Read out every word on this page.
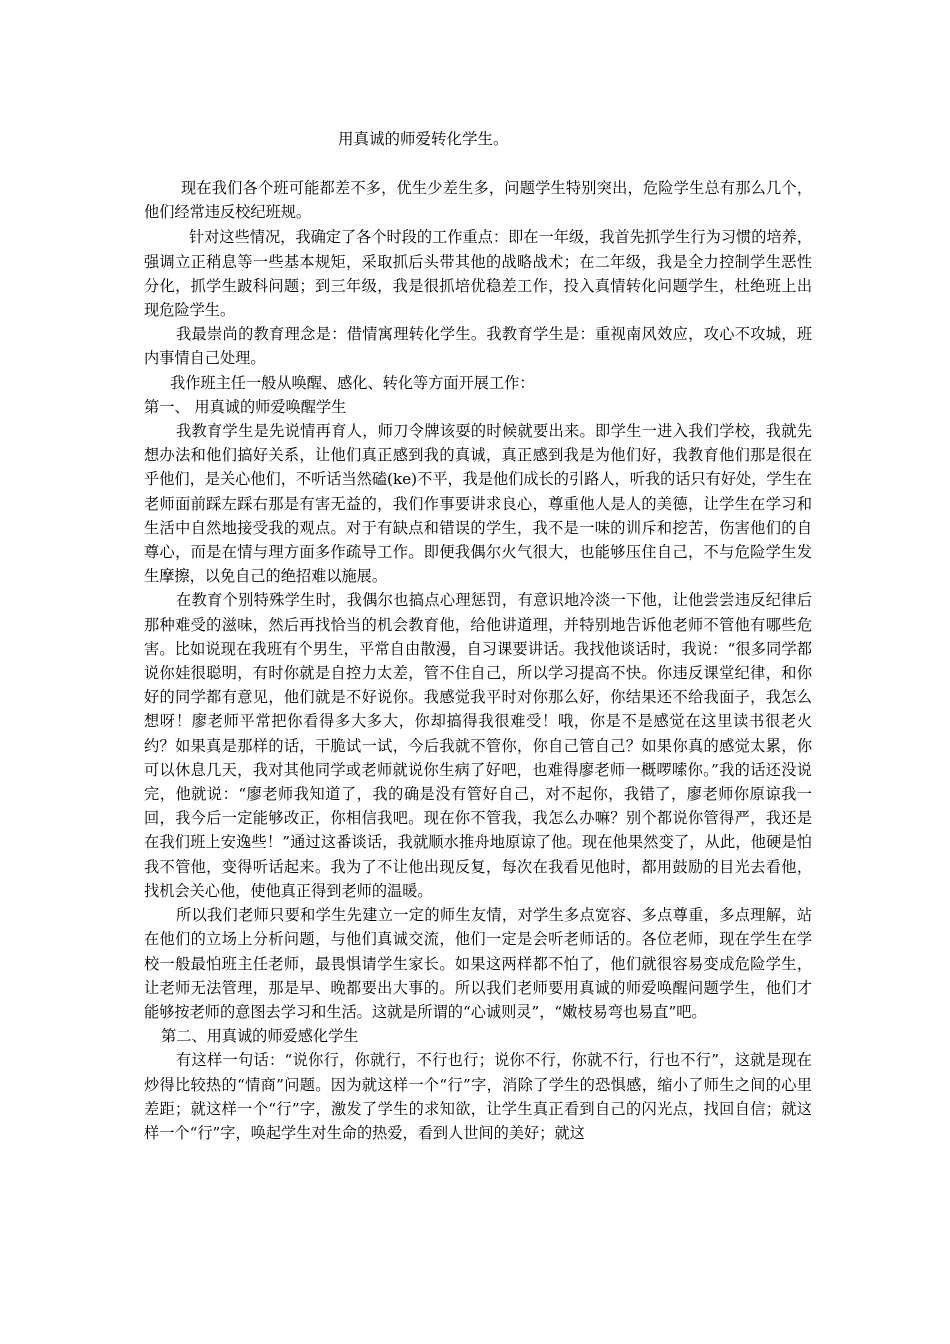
用真诚的师爱转化学生。

现在我们各个班可能都差不多，优生少差生多，问题学生特别突出，危险学生总有那么几个，他们经常违反校纪班规。

针对这些情况，我确定了各个时段的工作重点：即在一年级，我首先抓学生行为习惯的培养，强调立正稍息等一些基本规矩，采取抓后头带其他的战略战术；在二年级，我是全力控制学生恶性分化，抓学生跛科问题；到三年级，我是很抓培优稳差工作，投入真情转化问题学生，杜绝班上出现危险学生。

我最崇尚的教育理念是：借情寓理转化学生。我教育学生是：重视南风效应，攻心不攻城，班内事情自己处理。

我作班主任一般从唤醒、感化、转化等方面开展工作：

第一、 用真诚的师爱唤醒学生

我教育学生是先说情再育人，师刀令牌该耍的时候就要出来。即学生一进入我们学校，我就先想办法和他们搞好关系，让他们真正感到我的真诚，真正感到我是为他们好，我教育他们那是很在乎他们，是关心他们，不听话当然磕(ke)不平，我是他们成长的引路人，听我的话只有好处，学生在老师面前踩左踩右那是有害无益的，我们作事要讲求良心，尊重他人是人的美德，让学生在学习和生活中自然地接受我的观点。对于有缺点和错误的学生，我不是一味的训斥和挖苦，伤害他们的自尊心，而是在情与理方面多作疏导工作。即便我偶尔火气很大，也能够压住自己，不与危险学生发生摩擦，以免自己的绝招难以施展。

在教育个别特殊学生时，我偶尔也搞点心理惩罚，有意识地冷淡一下他，让他尝尝违反纪律后那种难受的滋味，然后再找恰当的机会教育他，给他讲道理，并特别地告诉他老师不管他有哪些危害。比如说现在我班有个男生，平常自由散漫，自习课要讲话。我找他谈话时，我说：“很多同学都说你娃很聪明，有时你就是自控力太差，管不住自己，所以学习提高不快。你违反课堂纪律，和你好的同学都有意见，他们就是不好说你。我感觉我平时对你那么好，你结果还不给我面子，我怎么想呀！廖老师平常把你看得多大多大，你却搞得我很难受！哦，你是不是感觉在这里读书很老火约？如果真是那样的话，干脆试一试，今后我就不管你，你自己管自己？如果你真的感觉太累，你可以休息几天，我对其他同学或老师就说你生病了好吧，也难得廖老师一概啰嗦你。”我的话还没说完，他就说：“廖老师我知道了，我的确是没有管好自己，对不起你，我错了，廖老师你原谅我一回，我今后一定能够改正，你相信我吧。现在你不管我，我怎么办嘛？别个都说你管得严，我还是在我们班上安逸些！”通过这番谈话，我就顺水推舟地原谅了他。现在他果然变了，从此，他硬是怕我不管他，变得听话起来。我为了不让他出现反复，每次在我看见他时，都用鼓励的目光去看他，找机会关心他，使他真正得到老师的温暖。

所以我们老师只要和学生先建立一定的师生友情，对学生多点宽容、多点尊重，多点理解，站在他们的立场上分析问题，与他们真诚交流，他们一定是会听老师话的。各位老师，现在学生在学校一般最怕班主任老师，最畏惧请学生家长。如果这两样都不怕了，他们就很容易变成危险学生，让老师无法管理，那是早、晚都要出大事的。所以我们老师要用真诚的师爱唤醒问题学生，他们才能够按老师的意图去学习和生活。这就是所谓的“心诚则灵”，“嫩枝易弯也易直”吧。

第二、用真诚的师爱感化学生

有这样一句话：“说你行，你就行，不行也行；说你不行，你就不行，行也不行”，这就是现在炒得比较热的“情商”问题。因为就这样一个“行”字，消除了学生的恐惧感，缩小了师生之间的心里差距；就这样一个“行”字，激发了学生的求知欲，让学生真正看到自己的闪光点，找回自信；就这样一个“行”字，唤起学生对生命的热爱，看到人世间的美好；就这
